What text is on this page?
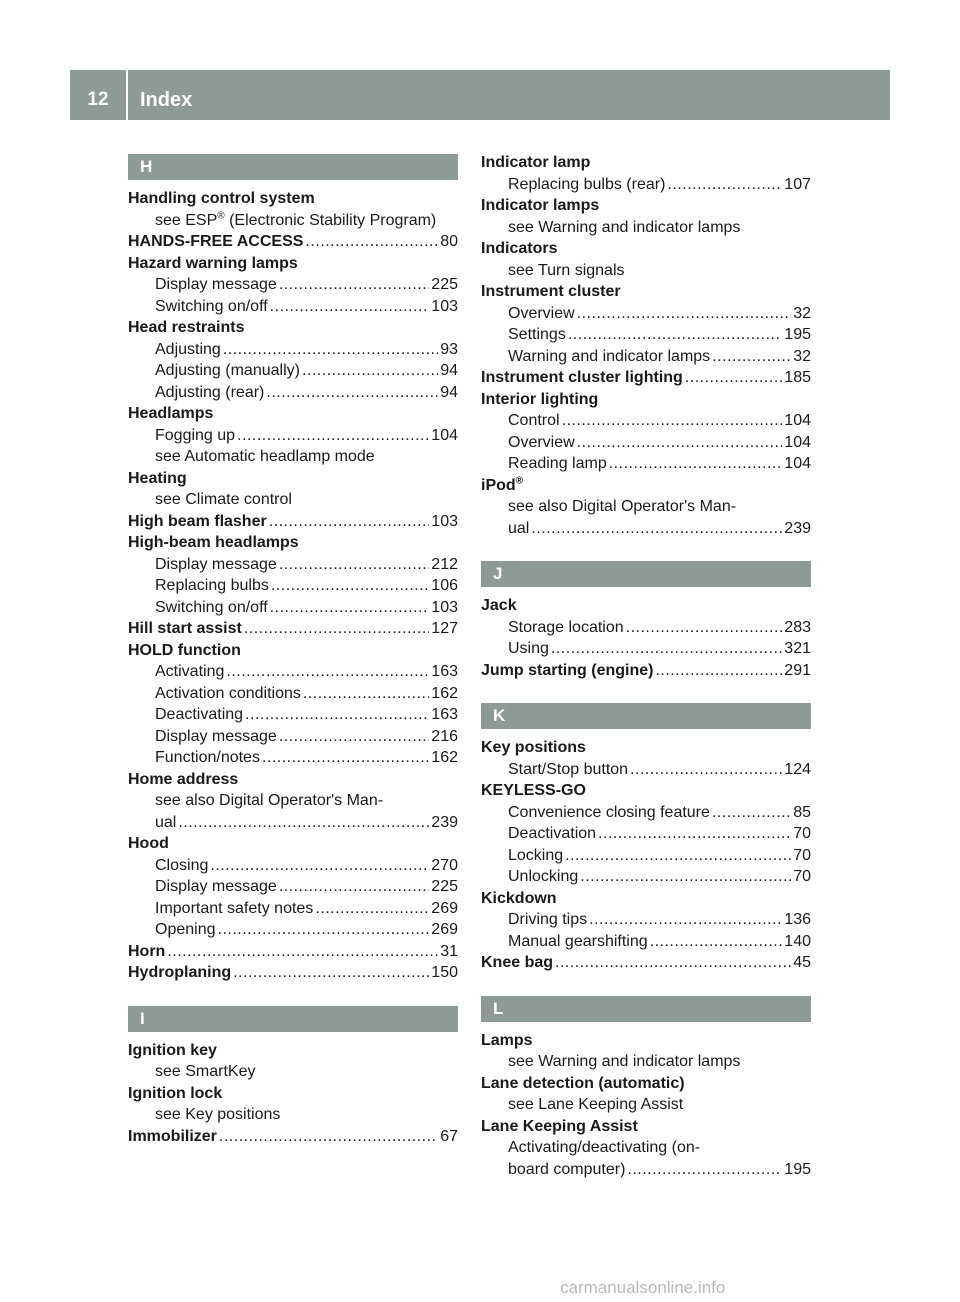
12	Index
H
Handling control system
see ESP® (Electronic Stability Program)
HANDS-FREE ACCESS .....	80
Hazard warning lamps
Display message .....	225
Switching on/off .....	103
Head restraints
Adjusting .....	93
Adjusting (manually) .....	94
Adjusting (rear) .....	94
Headlamps
Fogging up .....	104
see Automatic headlamp mode
Heating
see Climate control
High beam flasher .....	103
High-beam headlamps
Display message .....	212
Replacing bulbs .....	106
Switching on/off .....	103
Hill start assist .....	127
HOLD function
Activating .....	163
Activation conditions .....	162
Deactivating .....	163
Display message .....	216
Function/notes .....	162
Home address
see also Digital Operator's Man-
ual .....	239
Hood
Closing .....	270
Display message .....	225
Important safety notes .....	269
Opening .....	269
Horn .....	31
Hydroplaning .....	150
I
Ignition key
see SmartKey
Ignition lock
see Key positions
Immobilizer .....	67
Indicator lamp
Replacing bulbs (rear) .....	107
Indicator lamps
see Warning and indicator lamps
Indicators
see Turn signals
Instrument cluster
Overview .....	32
Settings .....	195
Warning and indicator lamps .....	32
Instrument cluster lighting .....	185
Interior lighting
Control .....	104
Overview .....	104
Reading lamp .....	104
iPod®
see also Digital Operator's Man-
ual .....	239
J
Jack
Storage location .....	283
Using .....	321
Jump starting (engine) .....	291
K
Key positions
Start/Stop button .....	124
KEYLESS-GO
Convenience closing feature .....	85
Deactivation .....	70
Locking .....	70
Unlocking .....	70
Kickdown
Driving tips .....	136
Manual gearshifting .....	140
Knee bag .....	45
L
Lamps
see Warning and indicator lamps
Lane detection (automatic)
see Lane Keeping Assist
Lane Keeping Assist
Activating/deactivating (on-
board computer) .....	195
carmanualsonline.info
